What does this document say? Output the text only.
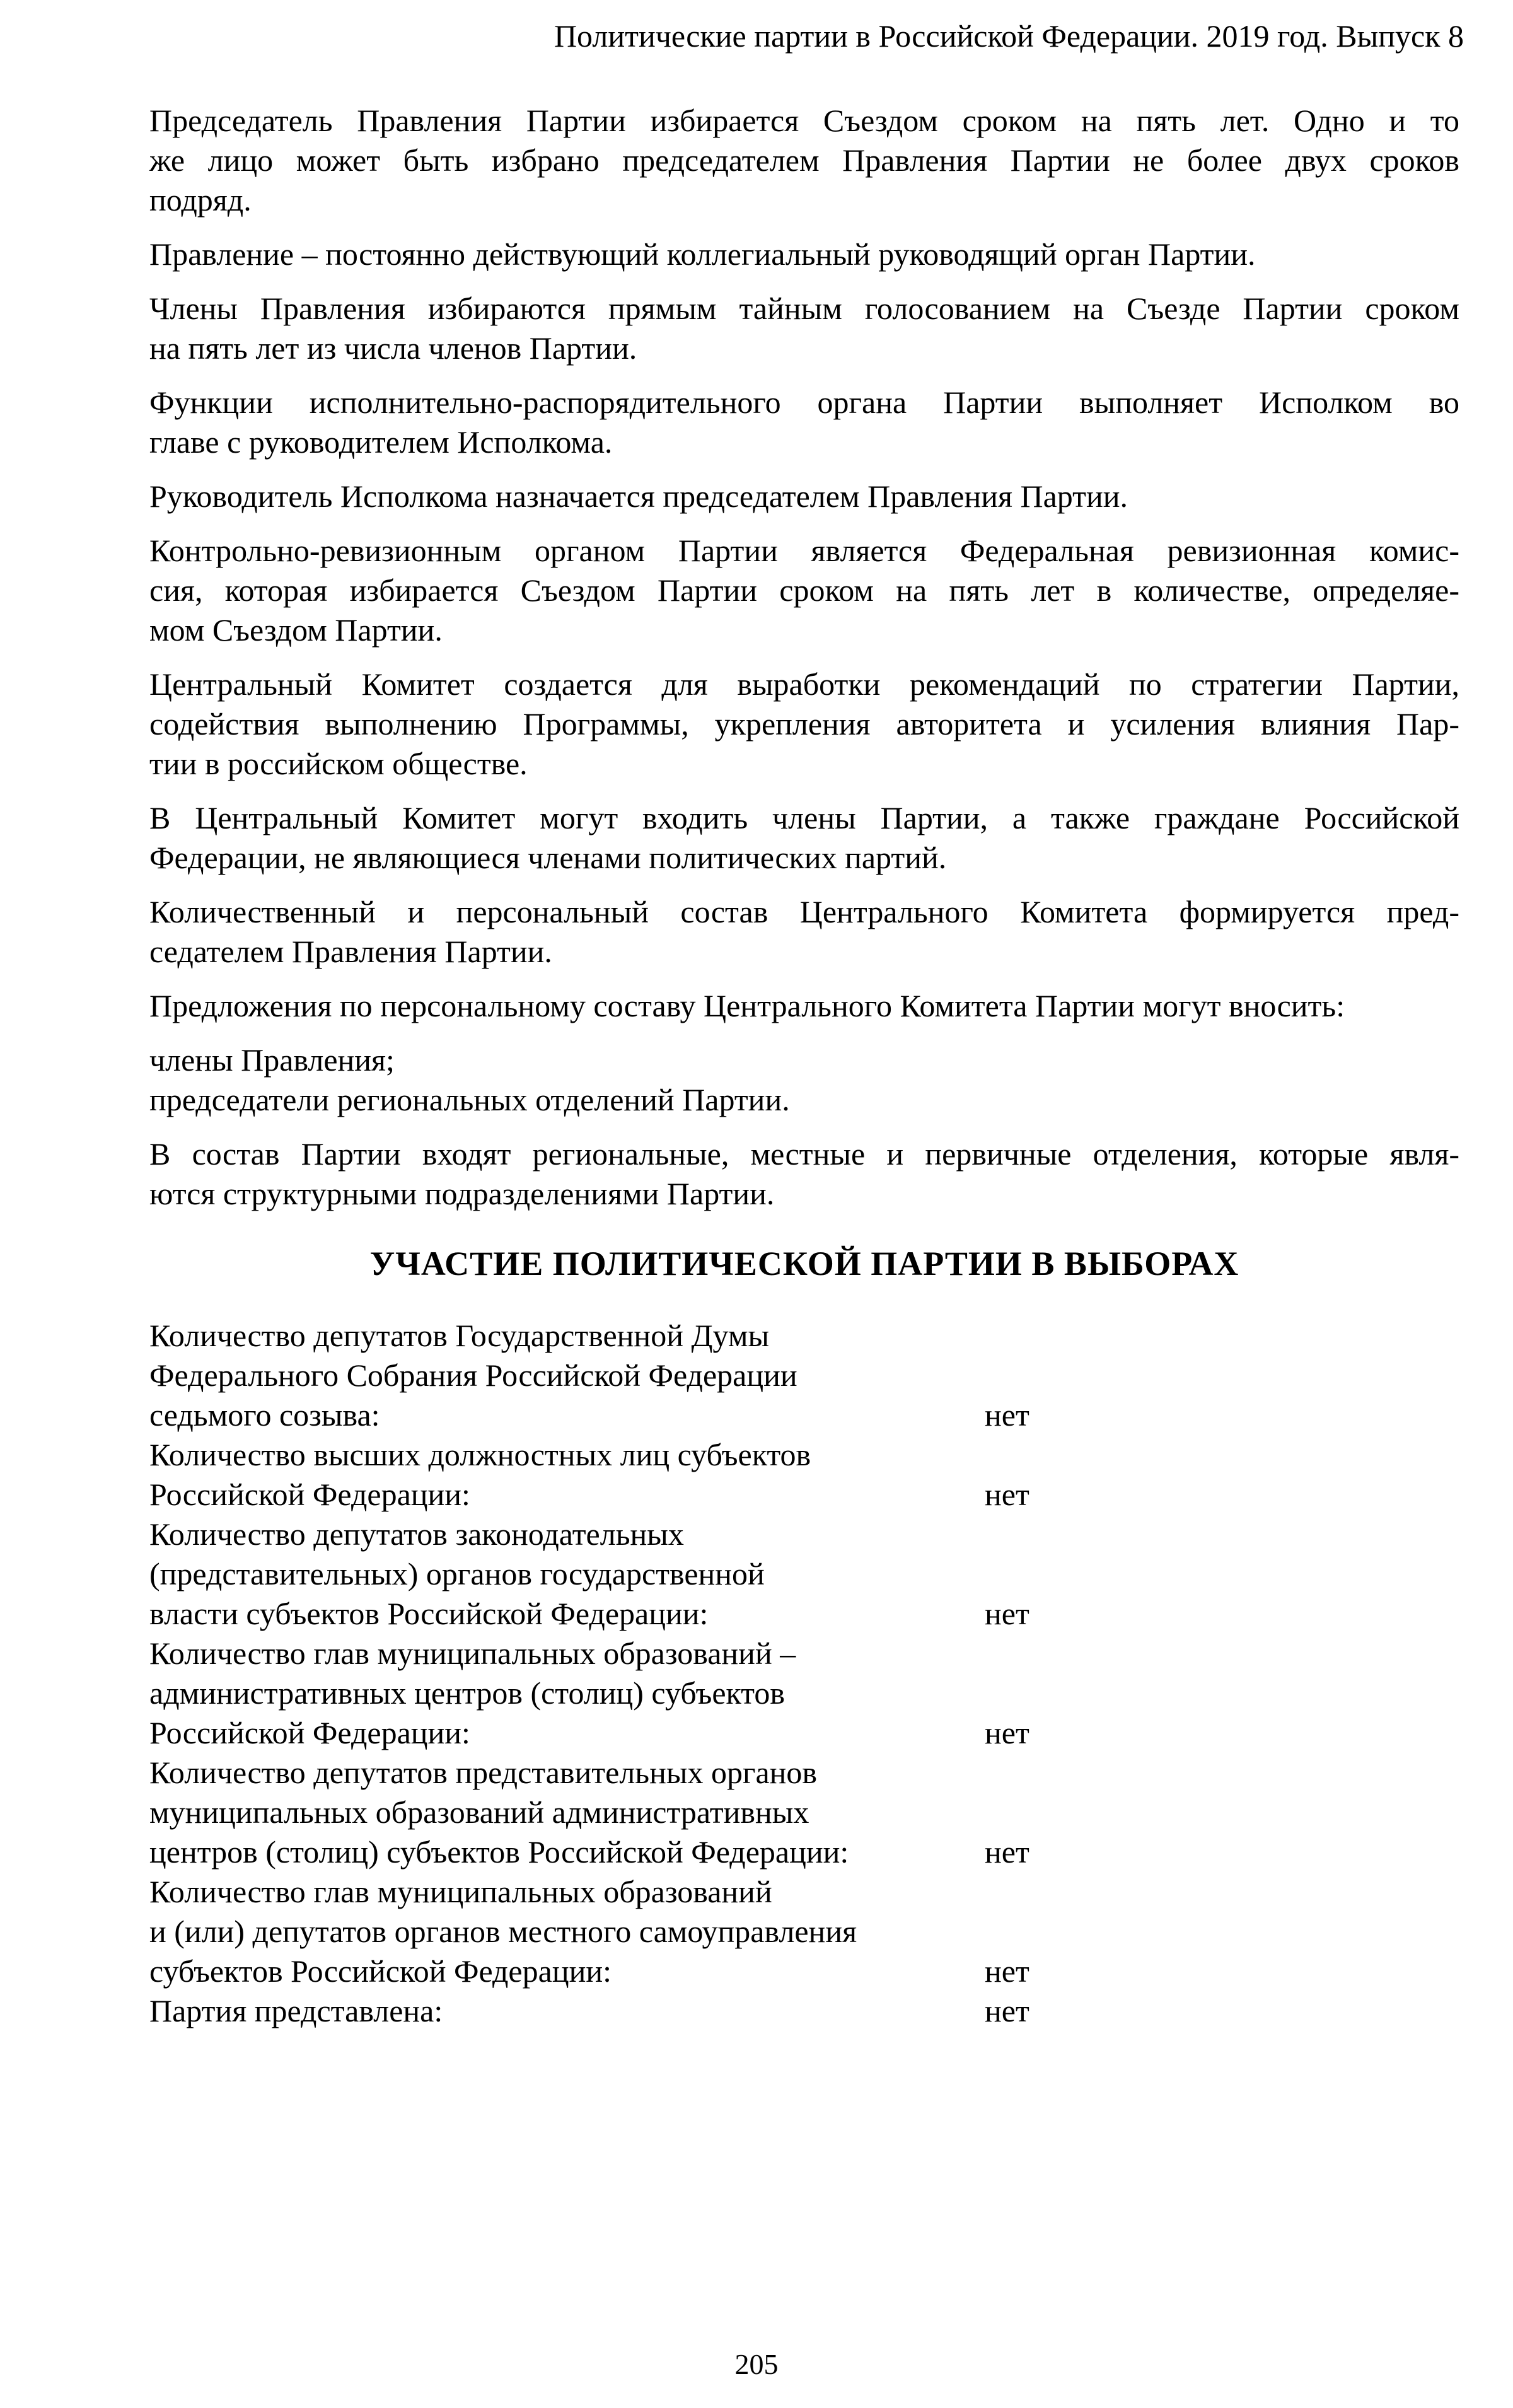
Политические партии в Российской Федерации. 2019 год. Выпуск 8
Председатель Правления Партии избирается Съездом сроком на пять лет. Одно и то
же лицо может быть избрано председателем Правления Партии не более двух сроков
подряд.
Правление – постоянно действующий коллегиальный руководящий орган Партии.
Члены Правления избираются прямым тайным голосованием на Съезде Партии сроком
на пять лет из числа членов Партии.
Функции исполнительно-распорядительного органа Партии выполняет Исполком во
главе с руководителем Исполкома.
Руководитель Исполкома назначается председателем Правления Партии.
Контрольно-ревизионным органом Партии является Федеральная ревизионная комис-
сия, которая избирается Съездом Партии сроком на пять лет в количестве, определяе-
мом Съездом Партии.
Центральный Комитет создается для выработки рекомендаций по стратегии Партии,
содействия выполнению Программы, укрепления авторитета и усиления влияния Пар-
тии в российском обществе.
В Центральный Комитет могут входить члены Партии, а также граждане Российской
Федерации, не являющиеся членами политических партий.
Количественный и персональный состав Центрального Комитета формируется пред-
седателем Правления Партии.
Предложения по персональному составу Центрального Комитета Партии могут вносить:
члены Правления;
председатели региональных отделений Партии.
В состав Партии входят региональные, местные и первичные отделения, которые явля-
ются структурными подразделениями Партии.
УЧАСТИЕ ПОЛИТИЧЕСКОЙ ПАРТИИ В ВЫБОРАХ
Количество депутатов Государственной Думы
Федерального Собрания Российской Федерации
седьмого созыва:	нет
Количество высших должностных лиц субъектов
Российской Федерации:	нет
Количество депутатов законодательных
(представительных) органов государственной
власти субъектов Российской Федерации:	нет
Количество глав муниципальных образований –
административных центров (столиц) субъектов
Российской Федерации:	нет
Количество депутатов представительных органов
муниципальных образований административных
центров (столиц) субъектов Российской Федерации:	нет
Количество глав муниципальных образований
и (или) депутатов органов местного самоуправления
субъектов Российской Федерации:	нет
Партия представлена:	нет
205
